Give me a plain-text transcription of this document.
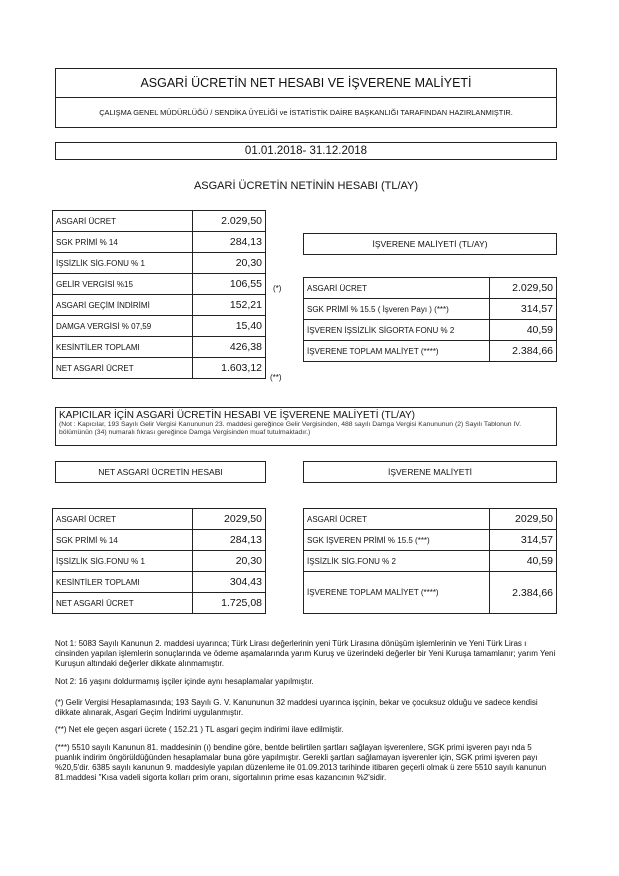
ASGARİ ÜCRETİN NET HESABI VE İŞVERENE MALİYETİ
ÇALIŞMA GENEL MÜDÜRLÜĞÜ / SENDİKA ÜYELİĞİ ve İSTATİSTİK DAİRE BAŞKANLIĞI TARAFINDAN HAZIRLANMIŞTIR.
01.01.2018- 31.12.2018
ASGARİ ÜCRETİN NETİNİN HESABI (TL/AY)
ASGARİ ÜCRET	2.029,50
SGK PRİMİ % 14	284,13
İŞSİZLİK SİG.FONU % 1	20,30
GELİR VERGİSİ %15	106,55
ASGARİ GEÇİM İNDİRİMİ	152,21
DAMGA VERGİSİ % 07,59	15,40
KESİNTİLER TOPLAMI	426,38
NET ASGARİ ÜCRET	1.603,12
(*)
(**)
İŞVERENE MALİYETİ (TL/AY)
ASGARİ ÜCRET	2.029,50
SGK PRİMİ % 15.5 ( İşveren Payı ) (***)	314,57
İŞVEREN İŞSİZLİK SİGORTA FONU % 2	40,59
İŞVERENE TOPLAM MALİYET (****)	2.384,66
KAPICILAR İÇİN ASGARİ ÜCRETİN HESABI VE İŞVERENE MALİYETİ (TL/AY)
(Not : Kapıcılar, 193 Sayılı Gelir Vergisi Kanununun 23. maddesi gereğince Gelir Vergisinden, 488 sayılı Damga Vergisi Kanununun (2) Sayılı Tablonun IV. bölümünün (34) numaralı fıkrası gereğince Damga Vergisinden muaf tutulmaktadır.)
NET ASGARİ ÜCRETİN HESABI	İŞVERENE MALİYETİ
ASGARİ ÜCRET	2029,50
SGK PRİMİ % 14	284,13
İŞSİZLİK SİG.FONU % 1	20,30
KESİNTİLER TOPLAMI	304,43
NET ASGARİ ÜCRET	1.725,08
ASGARİ ÜCRET	2029,50
SGK İŞVEREN PRİMİ % 15.5 (***)	314,57
İŞSİZLİK SİG.FONU % 2	40,59
İŞVERENE TOPLAM MALİYET (****)	2.384,66

Not 1: 5083 Sayılı Kanunun 2. maddesi uyarınca; Türk Lirası değerlerinin yeni Türk Lirasına dönüşüm işlemlerinin ve Yeni Türk Liras ı cinsinden yapılan işlemlerin sonuçlarında ve ödeme aşamalarında yarım Kuruş ve üzerindeki değerler bir Yeni Kuruşa tamamlanır; yarım Yeni Kuruşun altındaki değerler dikkate alınmamıştır.

Not 2: 16 yaşını doldurmamış işçiler içinde aynı hesaplamalar yapılmıştır.

(*) Gelir Vergisi Hesaplamasında; 193 Sayılı G. V. Kanununun 32 maddesi uyarınca işçinin, bekar ve çocuksuz olduğu ve sadece kendisi dikkate alınarak, Asgari Geçim İndirimi uygulanmıştır.

(**) Net ele geçen asgari ücrete ( 152.21 ) TL asgari geçim indirimi ilave edilmiştir.

(***) 5510 sayılı Kanunun 81. maddesinin (ı) bendine göre, bentde belirtilen şartları sağlayan işverenlere, SGK primi işveren payı nda 5 puanlık indirim öngörüldüğünden hesaplamalar buna göre yapılmıştır. Gerekli şartları sağlamayan işverenler için, SGK primi işveren payı %20,5'dir. 6385 sayılı kanunun 9. maddesiyle yapılan düzenleme ile 01.09.2013 tarihinde itibaren geçerli olmak ü zere 5510 sayılı kanunun 81.maddesi "Kısa vadeli sigorta kolları prim oranı, sigortalının prime esas kazancının %2'sidir.
